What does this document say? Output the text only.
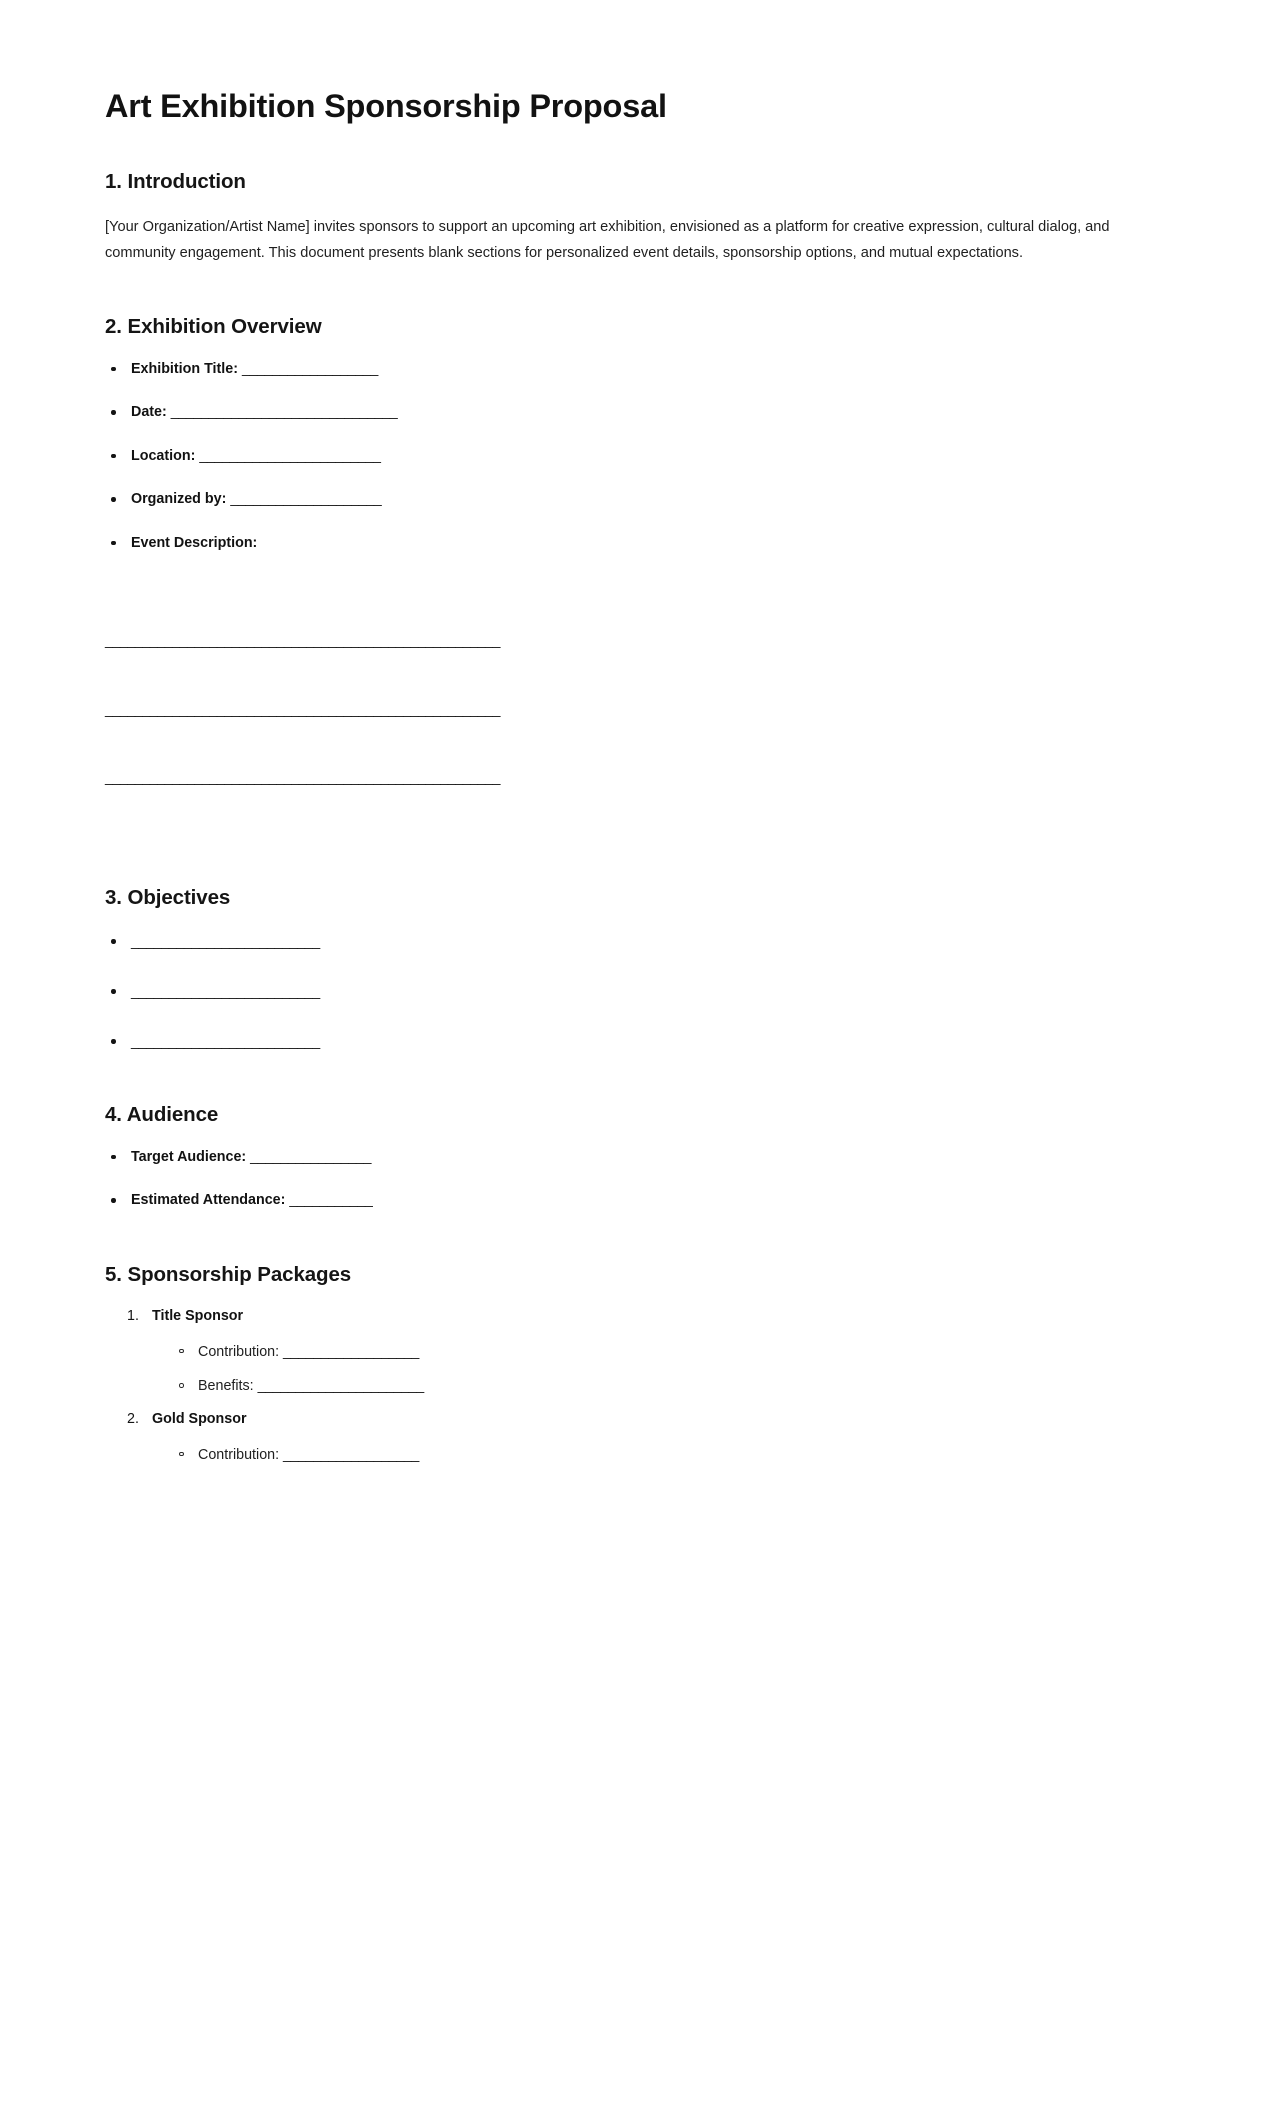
Art Exhibition Sponsorship Proposal
1. Introduction

[Your Organization/Artist Name] invites sponsors to support an upcoming art exhibition, envisioned as a platform for creative expression, cultural dialog, and community engagement. This document presents blank sections for personalized event details, sponsorship options, and mutual expectations.

2. Exhibition Overview
Exhibition Title: __________________
Date: ______________________________
Location: ________________________
Organized by: ____________________
Event Description:

_____________________________________________________

_____________________________________________________

_____________________________________________________

3. Objectives
_________________________
_________________________
_________________________
4. Audience
Target Audience: ________________
Estimated Attendance: ___________
5. Sponsorship Packages
Title Sponsor
Contribution: __________________
Benefits: ______________________
Gold Sponsor
Contribution: __________________
